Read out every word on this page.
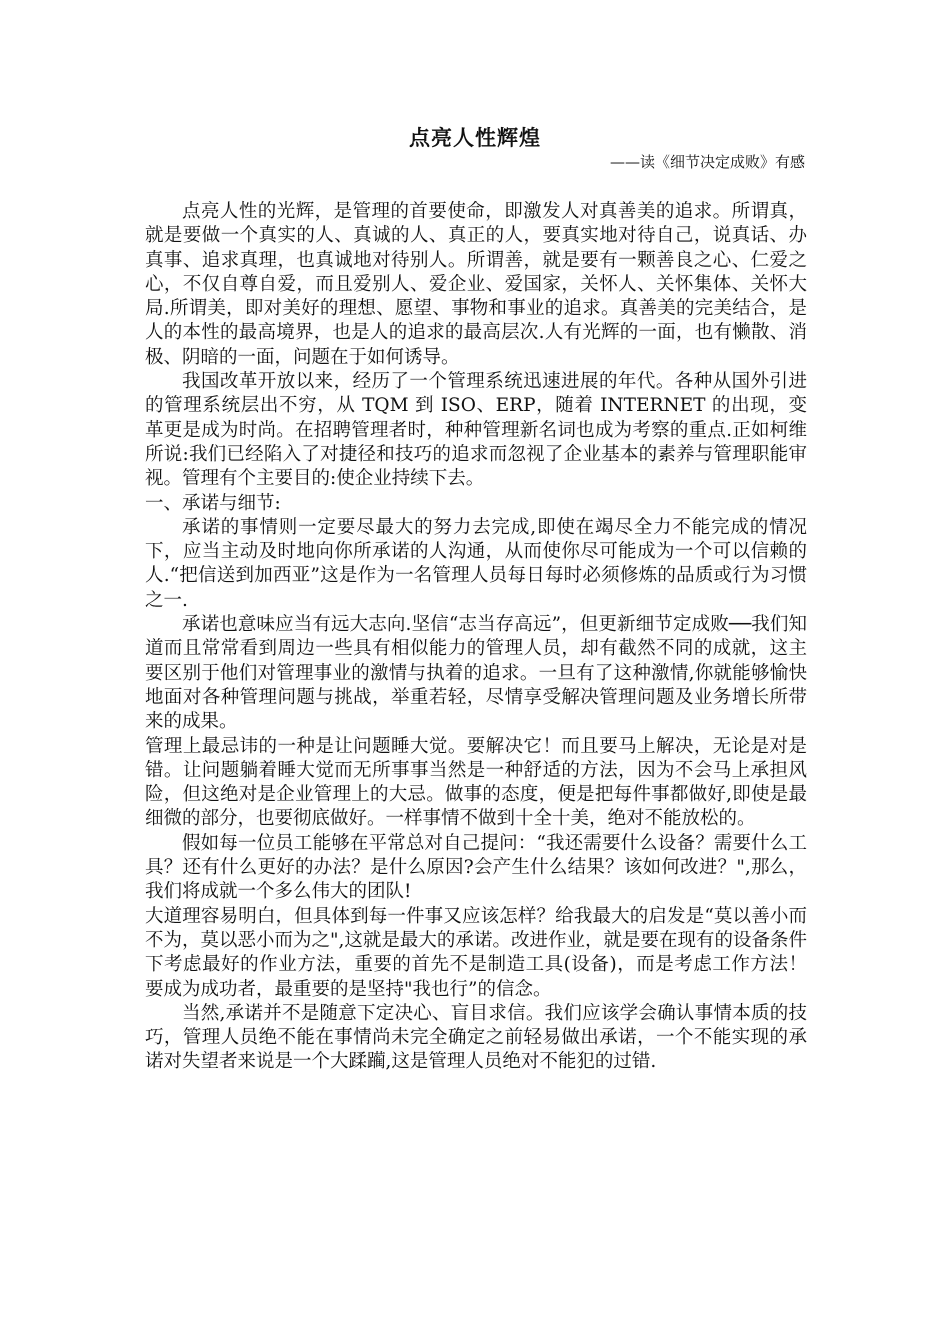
点亮人性辉煌
——读《细节决定成败》有感

点亮人性的光辉，是管理的首要使命，即激发人对真善美的追求。所谓真，就是要做一个真实的人、真诚的人、真正的人，要真实地对待自己，说真话、办真事、追求真理，也真诚地对待别人。所谓善，就是要有一颗善良之心、仁爱之心，不仅自尊自爱，而且爱别人、爱企业、爱国家，关怀人、关怀集体、关怀大局.所谓美，即对美好的理想、愿望、事物和事业的追求。真善美的完美结合，是人的本性的最高境界，也是人的追求的最高层次.人有光辉的一面，也有懒散、消极、阴暗的一面，问题在于如何诱导。

我国改革开放以来，经历了一个管理系统迅速进展的年代。各种从国外引进的管理系统层出不穷，从 TQM 到 ISO、ERP，随着 INTERNET 的出现，变革更是成为时尚。在招聘管理者时，种种管理新名词也成为考察的重点.正如柯维所说:我们已经陷入了对捷径和技巧的追求而忽视了企业基本的素养与管理职能审视。管理有个主要目的:使企业持续下去。

一、承诺与细节:

承诺的事情则一定要尽最大的努力去完成,即使在竭尽全力不能完成的情况下，应当主动及时地向你所承诺的人沟通，从而使你尽可能成为一个可以信赖的人.“把信送到加西亚”这是作为一名管理人员每日每时必须修炼的品质或行为习惯之一.

承诺也意味应当有远大志向.坚信“志当存高远”，但更新细节定成败──我们知道而且常常看到周边一些具有相似能力的管理人员，却有截然不同的成就，这主要区别于他们对管理事业的激情与执着的追求。一旦有了这种激情,你就能够愉快地面对各种管理问题与挑战，举重若轻，尽情享受解决管理问题及业务增长所带来的成果。

管理上最忌讳的一种是让问题睡大觉。要解决它！而且要马上解决，无论是对是错。让问题躺着睡大觉而无所事事当然是一种舒适的方法，因为不会马上承担风险，但这绝对是企业管理上的大忌。做事的态度，便是把每件事都做好,即使是最细微的部分，也要彻底做好。一样事情不做到十全十美，绝对不能放松的。

假如每一位员工能够在平常总对自己提问：“我还需要什么设备？需要什么工具？还有什么更好的办法？是什么原因?会产生什么结果？该如何改进？",那么，我们将成就一个多么伟大的团队!

大道理容易明白，但具体到每一件事又应该怎样？给我最大的启发是“莫以善小而不为，莫以恶小而为之",这就是最大的承诺。改进作业，就是要在现有的设备条件下考虑最好的作业方法，重要的首先不是制造工具(设备)，而是考虑工作方法！ 要成为成功者，最重要的是坚持"我也行”的信念。

当然,承诺并不是随意下定决心、盲目求信。我们应该学会确认事情本质的技巧，管理人员绝不能在事情尚未完全确定之前轻易做出承诺，一个不能实现的承诺对失望者来说是一个大蹂躏,这是管理人员绝对不能犯的过错.
